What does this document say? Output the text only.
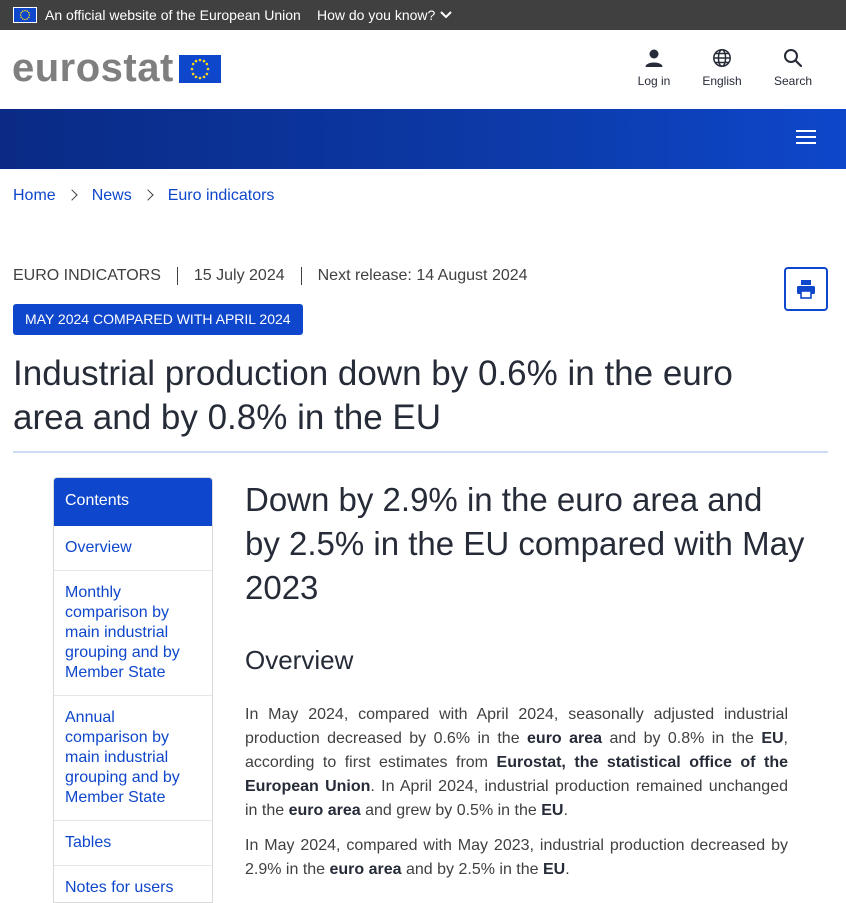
An official website of the European Union How do you know?
eurostat	Log in	English	Search
Home News Euro indicators
EURO INDICATORS 15 July 2024 Next release: 14 August 2024
MAY 2024 COMPARED WITH APRIL 2024
Industrial production down by 0.6% in the euro area and by 0.8% in the EU
Contents
Overview
Monthly comparison by main industrial grouping and by Member State
Annual comparison by main industrial grouping and by Member State
Tables
Notes for users
Down by 2.9% in the euro area and by 2.5% in the EU compared with May 2023
Overview

In May 2024, compared with April 2024, seasonally adjusted industrial production decreased by 0.6% in the euro area and by 0.8% in the EU, according to first estimates from Eurostat, the statistical office of the European Union. In April 2024, industrial production remained unchanged in the euro area and grew by 0.5% in the EU.

In May 2024, compared with May 2023, industrial production decreased by 2.9% in the euro area and by 2.5% in the EU.
